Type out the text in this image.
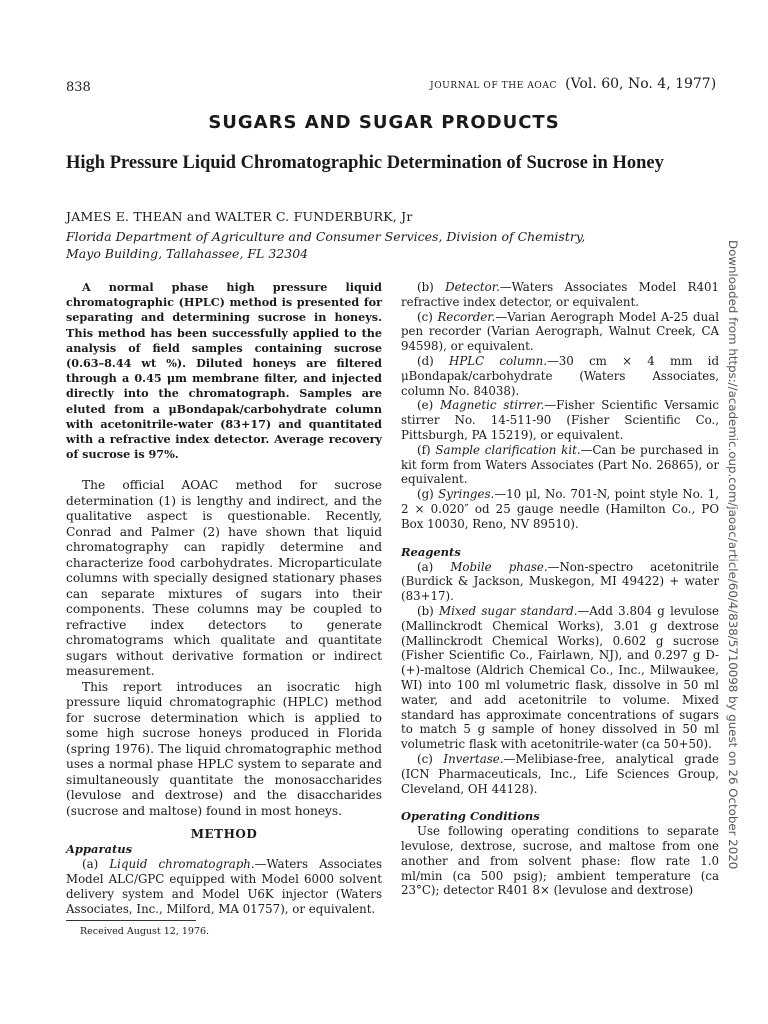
838	JOURNAL OF THE AOAC (Vol. 60, No. 4, 1977)
SUGARS AND SUGAR PRODUCTS
High Pressure Liquid Chromatographic Determination of Sucrose in Honey
JAMES E. THEAN and WALTER C. FUNDERBURK, Jr
Florida Department of Agriculture and Consumer Services, Division of Chemistry,
Mayo Building, Tallahassee, FL 32304

A normal phase high pressure liquid chromatographic (HPLC) method is presented for separating and determining sucrose in honeys. This method has been successfully applied to the analysis of field samples containing sucrose (0.63–8.44 wt %). Diluted honeys are filtered through a 0.45 μm membrane filter, and injected directly into the chromatograph. Samples are eluted from a μBondapak/carbohydrate column with acetonitrile-water (83+17) and quantitated with a refractive index detector. Average recovery of sucrose is 97%.

The official AOAC method for sucrose determination (1) is lengthy and indirect, and the qualitative aspect is questionable. Recently, Conrad and Palmer (2) have shown that liquid chromatography can rapidly determine and characterize food carbohydrates. Microparticulate columns with specially designed stationary phases can separate mixtures of sugars into their components. These columns may be coupled to refractive index detectors to generate chromatograms which qualitate and quantitate sugars without derivative formation or indirect measurement.

This report introduces an isocratic high pressure liquid chromatographic (HPLC) method for sucrose determination which is applied to some high sucrose honeys produced in Florida (spring 1976). The liquid chromatographic method uses a normal phase HPLC system to separate and simultaneously quantitate the monosaccharides (levulose and dextrose) and the disaccharides (sucrose and maltose) found in most honeys.

METHOD

Apparatus

(a) Liquid chromatograph.—Waters Associates Model ALC/GPC equipped with Model 6000 solvent delivery system and Model U6K injector (Waters Associates, Inc., Milford, MA 01757), or equivalent.

(b) Detector.—Waters Associates Model R401 refractive index detector, or equivalent.

(c) Recorder.—Varian Aerograph Model A-25 dual pen recorder (Varian Aerograph, Walnut Creek, CA 94598), or equivalent.

(d) HPLC column.—30 cm × 4 mm id μBondapak/carbohydrate (Waters Associates, column No. 84038).

(e) Magnetic stirrer.—Fisher Scientific Versamic stirrer No. 14-511-90 (Fisher Scientific Co., Pittsburgh, PA 15219), or equivalent.

(f) Sample clarification kit.—Can be purchased in kit form from Waters Associates (Part No. 26865), or equivalent.

(g) Syringes.—10 μl, No. 701-N, point style No. 1, 2 × 0.020″ od 25 gauge needle (Hamilton Co., PO Box 10030, Reno, NV 89510).

Reagents

(a) Mobile phase.—Non-spectro acetonitrile (Burdick & Jackson, Muskegon, MI 49422) + water (83+17).

(b) Mixed sugar standard.—Add 3.804 g levulose (Mallinckrodt Chemical Works), 3.01 g dextrose (Mallinckrodt Chemical Works), 0.602 g sucrose (Fisher Scientific Co., Fairlawn, NJ), and 0.297 g D-(+)-maltose (Aldrich Chemical Co., Inc., Milwaukee, WI) into 100 ml volumetric flask, dissolve in 50 ml water, and add acetonitrile to volume. Mixed standard has approximate concentrations of sugars to match 5 g sample of honey dissolved in 50 ml volumetric flask with acetonitrile-water (ca 50+50).

(c) Invertase.—Melibiase-free, analytical grade (ICN Pharmaceuticals, Inc., Life Sciences Group, Cleveland, OH 44128).

Operating Conditions

Use following operating conditions to separate levulose, dextrose, sucrose, and maltose from one another and from solvent phase: flow rate 1.0 ml/min (ca 500 psig); ambient temperature (ca 23°C); detector R401 8× (levulose and dextrose)

Received August 12, 1976.
Downloaded from https://academic.oup.com/jaoac/article/60/4/838/5710098 by guest on 26 October 2020
